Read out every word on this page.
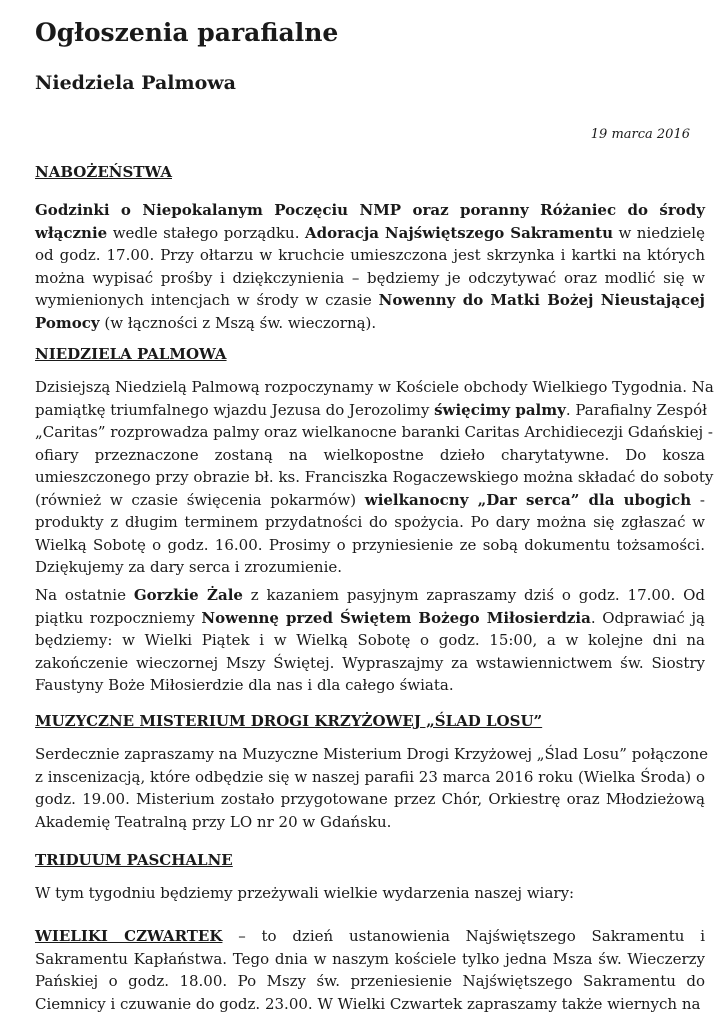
Ogłoszenia parafialne
Niedziela Palmowa
19 marca 2016
NABOŻEŃSTWA
Godzinki o Niepokalanym Poczęciu NMP oraz poranny Różaniec do środy
włącznie wedle stałego porządku. Adoracja Najświętszego Sakramentu w niedzielę
od godz. 17.00. Przy ołtarzu w kruchcie umieszczona jest skrzynka i kartki na których
można wypisać prośby i dziękczynienia – będziemy je odczytywać oraz modlić się w
wymienionych intencjach w środy w czasie Nowenny do Matki Bożej Nieustającej
Pomocy (w łączności z Mszą św. wieczorną).
NIEDZIELA PALMOWA
Dzisiejszą Niedzielą Palmową rozpoczynamy w Kościele obchody Wielkiego Tygodnia. Na
pamiątkę triumfalnego wjazdu Jezusa do Jerozolimy święcimy palmy. Parafialny Zespół
„Caritas” rozprowadza palmy oraz wielkanocne baranki Caritas Archidiecezji Gdańskiej -
ofiary przeznaczone zostaną na wielkopostne dzieło charytatywne. Do kosza
umieszczonego przy obrazie bł. ks. Franciszka Rogaczewskiego można składać do soboty
(również w czasie święcenia pokarmów) wielkanocny „Dar serca” dla ubogich -
produkty z długim terminem przydatności do spożycia. Po dary można się zgłaszać w
Wielką Sobotę o godz. 16.00. Prosimy o przyniesienie ze sobą dokumentu tożsamości.
Dziękujemy za dary serca i zrozumienie.
Na ostatnie Gorzkie Żale z kazaniem pasyjnym zapraszamy dziś o godz. 17.00. Od
piątku rozpoczniemy Nowennę przed Świętem Bożego Miłosierdzia. Odprawiać ją
będziemy: w Wielki Piątek i w Wielką Sobotę o godz. 15:00, a w kolejne dni na
zakończenie wieczornej Mszy Świętej. Wypraszajmy za wstawiennictwem św. Siostry
Faustyny Boże Miłosierdzie dla nas i dla całego świata.
MUZYCZNE MISTERIUM DROGI KRZYŻOWEJ „ŚLAD LOSU”
Serdecznie zapraszamy na Muzyczne Misterium Drogi Krzyżowej „Ślad Losu” połączone
z inscenizacją, które odbędzie się w naszej parafii 23 marca 2016 roku (Wielka Środa) o
godz. 19.00. Misterium zostało przygotowane przez Chór, Orkiestrę oraz Młodzieżową
Akademię Teatralną przy LO nr 20 w Gdańsku.
TRIDUUM PASCHALNE
W tym tygodniu będziemy przeżywali wielkie wydarzenia naszej wiary:
WIELIKI CZWARTEK – to dzień ustanowienia Najświętszego Sakramentu i
Sakramentu Kapłaństwa. Tego dnia w naszym kościele tylko jedna Msza św. Wieczerzy
Pańskiej o godz. 18.00. Po Mszy św. przeniesienie Najświętszego Sakramentu do
Ciemnicy i czuwanie do godz. 23.00. W Wielki Czwartek zapraszamy także wiernych na
